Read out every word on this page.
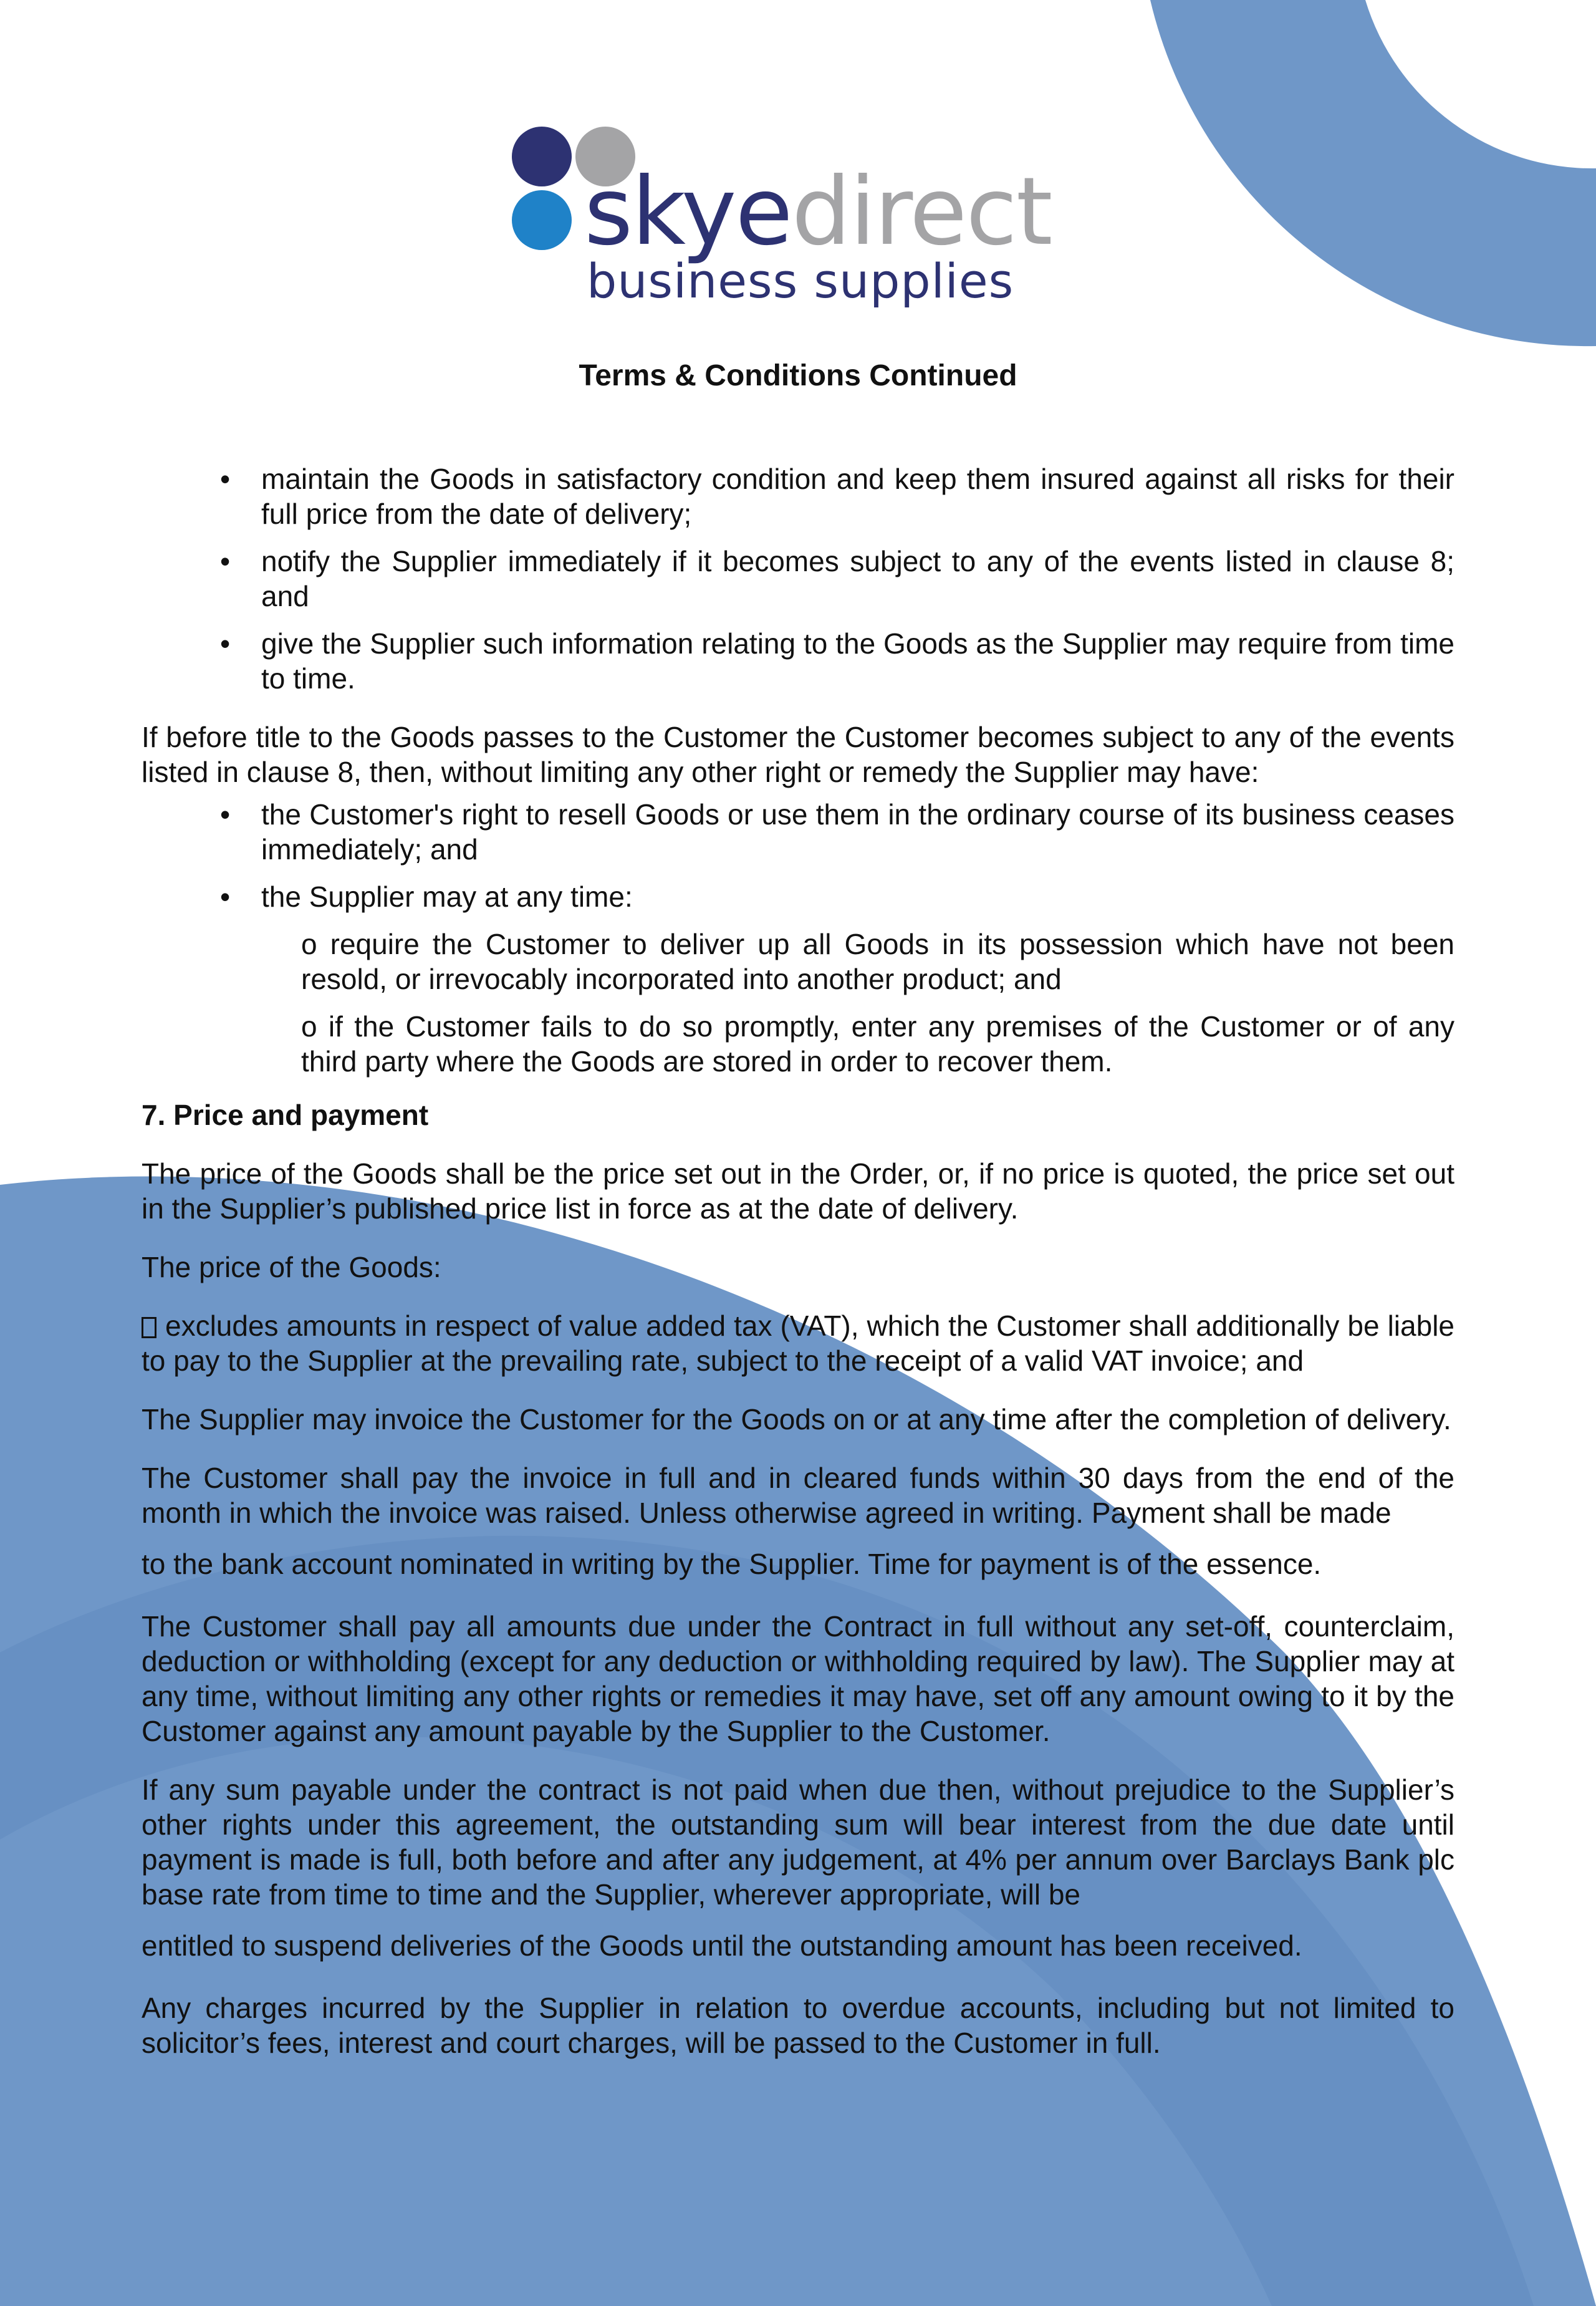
skyedirect
business supplies
Terms & Conditions Continued
• maintain the Goods in satisfactory condition and keep them insured against all risks for their full price from the date of delivery;
• notify the Supplier immediately if it becomes subject to any of the events listed in clause 8; and
• give the Supplier such information relating to the Goods as the Supplier may require from time to time.

If before title to the Goods passes to the Customer the Customer becomes subject to any of the events listed in clause 8, then, without limiting any other right or remedy the Supplier may have:

• the Customer's right to resell Goods or use them in the ordinary course of its business ceases immediately; and
• the Supplier may at any time:
o require the Customer to deliver up all Goods in its possession which have not been resold, or irrevocably incorporated into another product; and
o if the Customer fails to do so promptly, enter any premises of the Customer or of any third party where the Goods are stored in order to recover them.
7. Price and payment

The price of the Goods shall be the price set out in the Order, or, if no price is quoted, the price set out in the Supplier’s published price list in force as at the date of delivery.

The price of the Goods:

excludes amounts in respect of value added tax (VAT), which the Customer shall additionally be liable to pay to the Supplier at the prevailing rate, subject to the receipt of a valid VAT invoice; and

The Supplier may invoice the Customer for the Goods on or at any time after the completion of delivery.

The Customer shall pay the invoice in full and in cleared funds within 30 days from the end of the month in which the invoice was raised. Unless otherwise agreed in writing. Payment shall be made
to the bank account nominated in writing by the Supplier. Time for payment is of the essence.

The Customer shall pay all amounts due under the Contract in full without any set-off, counterclaim, deduction or withholding (except for any deduction or withholding required by law). The Supplier may at any time, without limiting any other rights or remedies it may have, set off any amount owing to it by the Customer against any amount payable by the Supplier to the Customer.

If any sum payable under the contract is not paid when due then, without prejudice to the Supplier’s other rights under this agreement, the outstanding sum will bear interest from the due date until payment is made is full, both before and after any judgement, at 4% per annum over Barclays Bank plc base rate from time to time and the Supplier, wherever appropriate, will be
entitled to suspend deliveries of the Goods until the outstanding amount has been received.

Any charges incurred by the Supplier in relation to overdue accounts, including but not limited to solicitor’s fees, interest and court charges, will be passed to the Customer in full.
